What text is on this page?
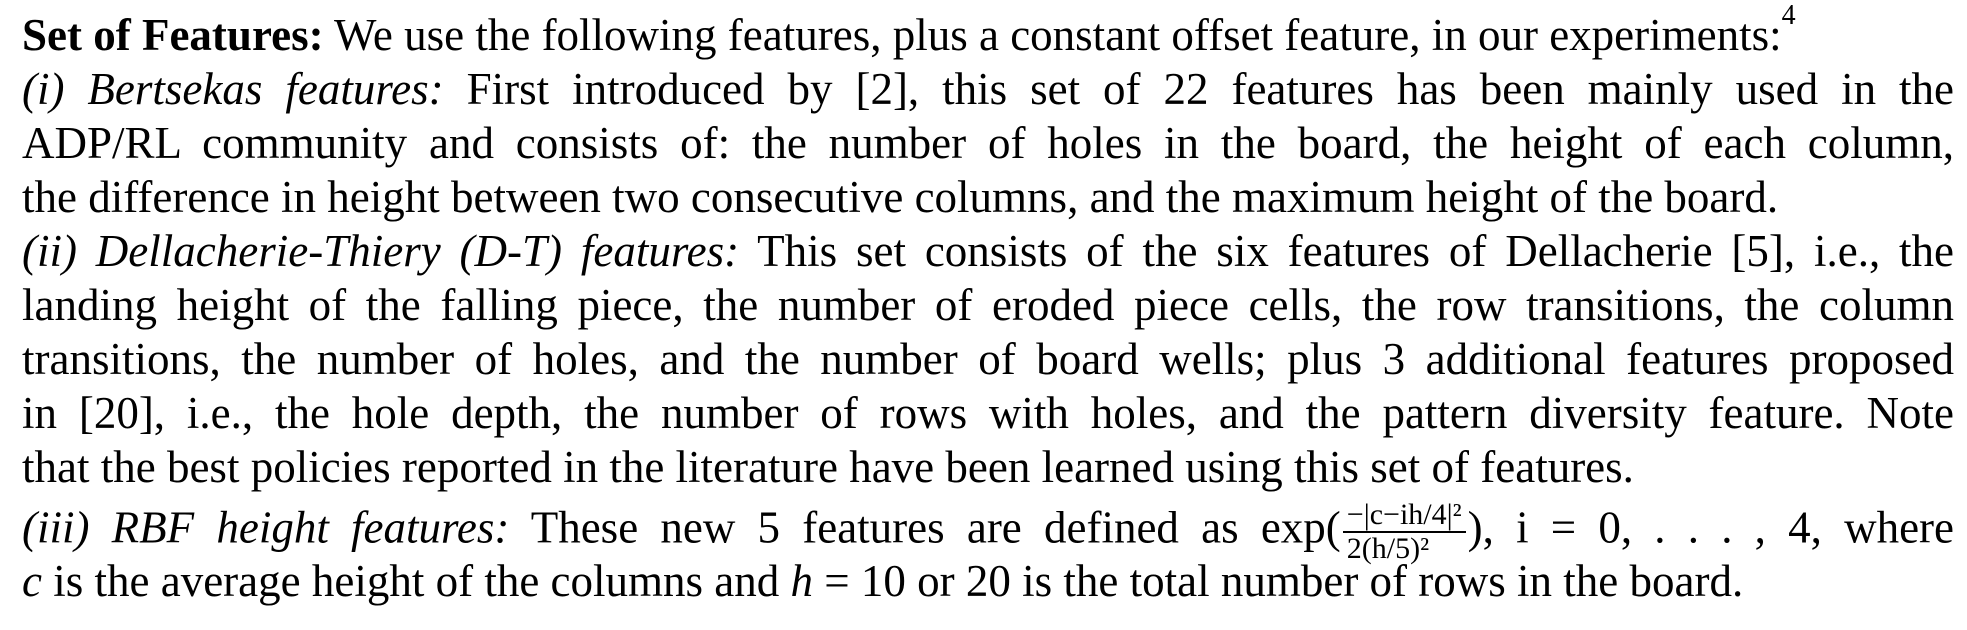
Set of Features: We use the following features, plus a constant offset feature, in our experiments:$^4$
(i) Bertsekas features: First introduced by [2], this set of 22 features has been mainly used in the
ADP/RL community and consists of: the number of holes in the board, the height of each column,
the difference in height between two consecutive columns, and the maximum height of the board.
(ii) Dellacherie-Thiery (D-T) features: This set consists of the six features of Dellacherie [5], i.e., the
landing height of the falling piece, the number of eroded piece cells, the row transitions, the column
transitions, the number of holes, and the number of board wells; plus 3 additional features proposed
in [20], i.e., the hole depth, the number of rows with holes, and the pattern diversity feature. Note
that the best policies reported in the literature have been learned using this set of features.
(iii) RBF height features: These new 5 features are defined as $\exp( \frac{\text{−|c−ih/4|²}}{\text{2(h/5)²}}$ ), i = 0, . . . , 4, where
c is the average height of the columns and h = 10 or 20 is the total number of rows in the board.
